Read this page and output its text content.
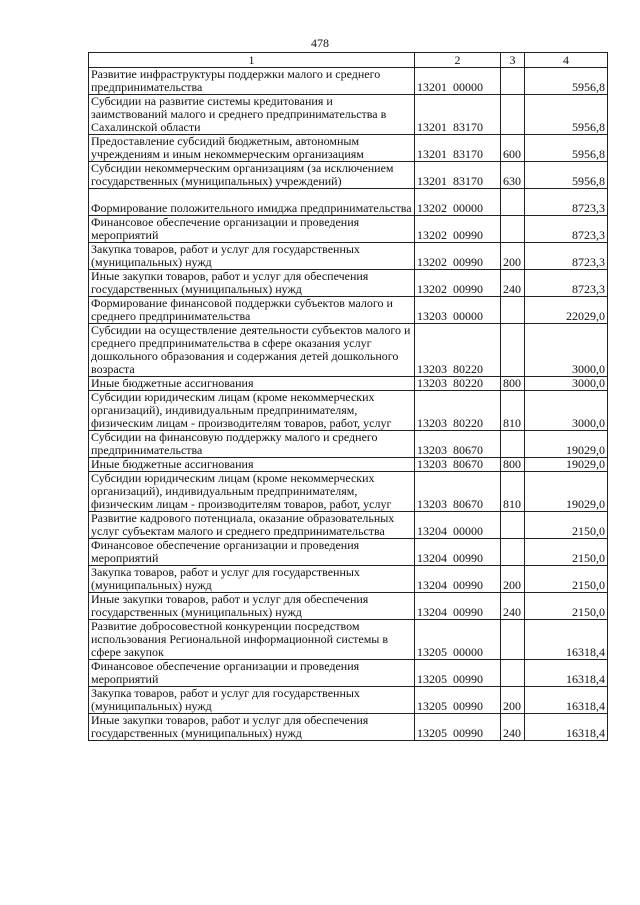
478
1	2	3	4
Развитие инфраструктуры поддержки малого и среднего предпринимательства	13201  00000		5956,8
Субсидии на развитие системы кредитования и заимствований малого и среднего предпринимательства в Сахалинской области	13201  83170		5956,8
Предоставление субсидий бюджетным, автономным учреждениям и иным некоммерческим организациям	13201  83170	600	5956,8
Субсидии некоммерческим организациям (за исключением государственных (муниципальных) учреждений)	13201  83170	630	5956,8
Формирование положительного имиджа предпринимательства	13202  00000		8723,3
Финансовое обеспечение организации и проведения мероприятий	13202  00990		8723,3
Закупка товаров, работ и услуг для государственных (муниципальных) нужд	13202  00990	200	8723,3
Иные закупки товаров, работ и услуг для обеспечения государственных (муниципальных) нужд	13202  00990	240	8723,3
Формирование финансовой поддержки субъектов малого и среднего предпринимательства	13203  00000		22029,0
Субсидии на осуществление деятельности субъектов малого и среднего предпринимательства в сфере оказания услуг дошкольного образования и содержания детей дошкольного возраста	13203  80220		3000,0
Иные бюджетные ассигнования	13203  80220	800	3000,0
Субсидии юридическим лицам (кроме некоммерческих организаций), индивидуальным предпринимателям, физическим лицам - производителям товаров, работ, услуг	13203  80220	810	3000,0
Субсидии на финансовую поддержку малого и среднего предпринимательства	13203  80670		19029,0
Иные бюджетные ассигнования	13203  80670	800	19029,0
Субсидии юридическим лицам (кроме некоммерческих организаций), индивидуальным предпринимателям, физическим лицам - производителям товаров, работ, услуг	13203  80670	810	19029,0
Развитие кадрового потенциала, оказание образовательных услуг субъектам малого и среднего предпринимательства	13204  00000		2150,0
Финансовое обеспечение организации и проведения мероприятий	13204  00990		2150,0
Закупка товаров, работ и услуг для государственных (муниципальных) нужд	13204  00990	200	2150,0
Иные закупки товаров, работ и услуг для обеспечения государственных (муниципальных) нужд	13204  00990	240	2150,0
Развитие добросовестной конкуренции посредством использования Региональной информационной системы в сфере закупок	13205  00000		16318,4
Финансовое обеспечение организации и проведения мероприятий	13205  00990		16318,4
Закупка товаров, работ и услуг для государственных (муниципальных) нужд	13205  00990	200	16318,4
Иные закупки товаров, работ и услуг для обеспечения государственных (муниципальных) нужд	13205  00990	240	16318,4
